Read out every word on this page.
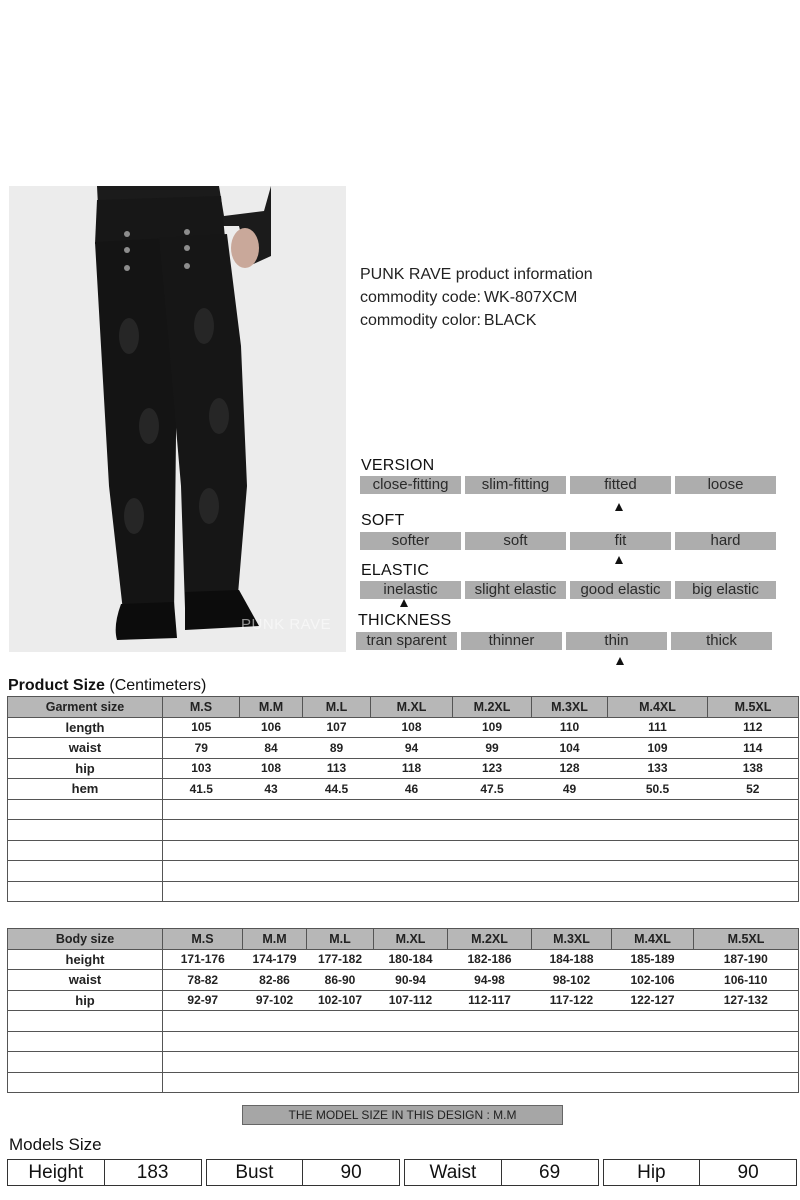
PUNK RAVE
PUNK RAVE product information
commodity code: WK-807XCM
commodity color: BLACK
VERSION
close-fitting	slim-fitting	fitted	loose
SOFT
softer	soft	fit	hard
ELASTIC
inelastic	slight elastic	good elastic	big elastic
THICKNESS
tran sparent	thinner	thin	thick
Product Size (Centimeters)
Garment size	M.S	M.M	M.L	M.XL	M.2XL	M.3XL	M.4XL	M.5XL
length	105	106	107	108	109	110	111	112
waist	79	84	89	94	99	104	109	114
hip	103	108	113	118	123	128	133	138
hem	41.5	43	44.5	46	47.5	49	50.5	52

Body size	M.S	M.M	M.L	M.XL	M.2XL	M.3XL	M.4XL	M.5XL
height	171-176	174-179	177-182	180-184	182-186	184-188	185-189	187-190
waist	78-82	82-86	86-90	90-94	94-98	98-102	102-106	106-110
hip	92-97	97-102	102-107	107-112	112-117	117-122	122-127	127-132

THE MODEL SIZE IN THIS DESIGN : M.M
Models Size
Height	183	Bust	90	Waist	69	Hip	90
